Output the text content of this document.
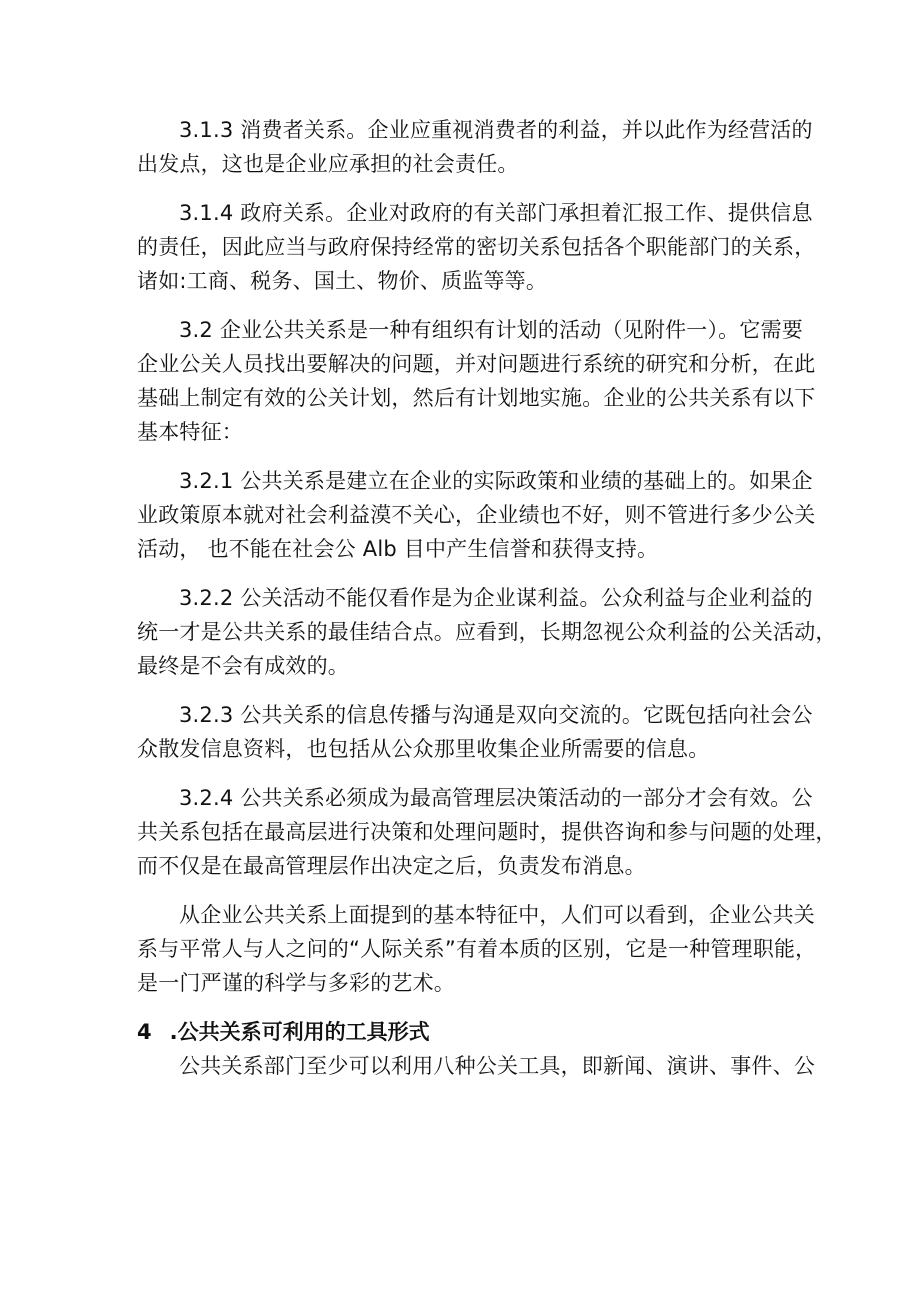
3.1.3 消费者关系。企业应重视消费者的利益，并以此作为经营活的
出发点，这也是企业应承担的社会责任。

3.1.4 政府关系。企业对政府的有关部门承担着汇报工作、提供信息
的责任，因此应当与政府保持经常的密切关系包括各个职能部门的关系，
诸如:工商、税务、国土、物价、质监等等。

3.2 企业公共关系是一种有组织有计划的活动（见附件一）。它需要
企业公关人员找出要解决的问题，并对问题进行系统的研究和分析，在此
基础上制定有效的公关计划，然后有计划地实施。企业的公共关系有以下
基本特征：

3.2.1 公共关系是建立在企业的实际政策和业绩的基础上的。如果企
业政策原本就对社会利益漠不关心，企业绩也不好，则不管进行多少公关
活动， 也不能在社会公 Alb 目中产生信誉和获得支持。

3.2.2 公关活动不能仅看作是为企业谋利益。公众利益与企业利益的
统一才是公共关系的最佳结合点。应看到，长期忽视公众利益的公关活动，
最终是不会有成效的。

3.2.3 公共关系的信息传播与沟通是双向交流的。它既包括向社会公
众散发信息资料，也包括从公众那里收集企业所需要的信息。

3.2.4 公共关系必须成为最高管理层决策活动的一部分才会有效。公
共关系包括在最高层进行决策和处理问题时，提供咨询和参与问题的处理，
而不仅是在最高管理层作出决定之后，负责发布消息。

从企业公共关系上面提到的基本特征中，人们可以看到，企业公共关
系与平常人与人之问的“人际关系”有着本质的区别，它是一种管理职能，
是一门严谨的科学与多彩的艺术。

4 .公共关系可利用的工具形式

公共关系部门至少可以利用八种公关工具，即新闻、演讲、事件、公
